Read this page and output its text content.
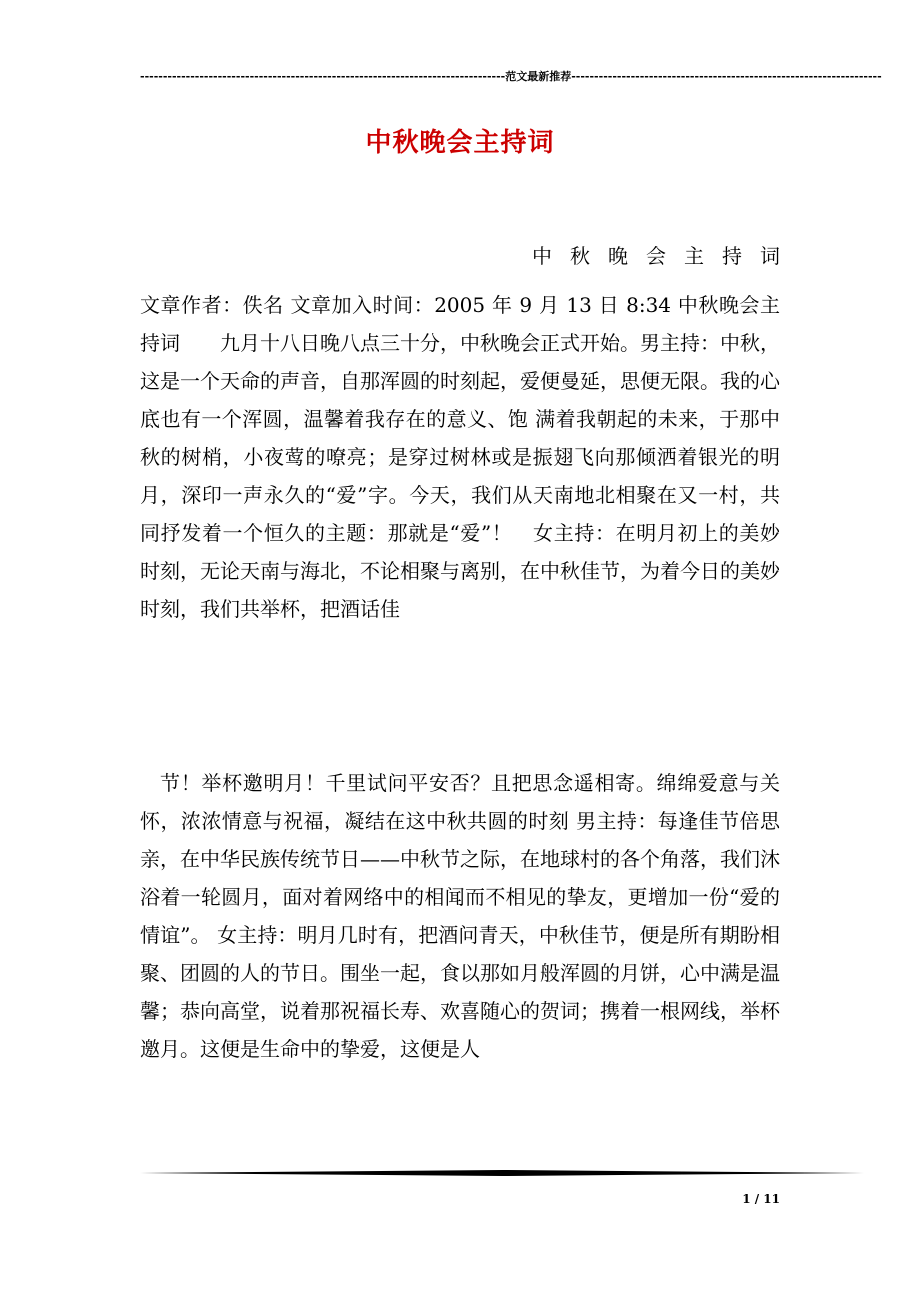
--------------------------------------------------------------------------------范文最新推荐--------------------------------------------------------------------
中秋晚会主持词
中秋晚会主持词

文章作者：佚名 文章加入时间：2005 年 9 月 13 日 8:34 中秋晚会主持词　　九月十八日晚八点三十分，中秋晚会正式开始。男主持：中秋，这是一个天命的声音，自那浑圆的时刻起，爱便曼延，思便无限。我的心 底也有一个浑圆，温馨着我存在的意义、饱 满着我朝起的未来，于那中秋的树梢，小夜莺的嘹亮；是穿过树林或是振翅飞向那倾洒着银光的明月，深印一声永久的“爱”字。今天，我们从天南地北相聚在又一村，共同抒发着一个恒久的主题：那就是“爱”！　女主持：在明月初上的美妙时刻，无论天南与海北，不论相聚与离别，在中秋佳节，为着今日的美妙时刻，我们共举杯，把酒话佳

节！举杯邀明月！千里试问平安否？且把思念遥相寄。绵绵爱意与关怀，浓浓情意与祝福，凝结在这中秋共圆的时刻 男主持：每逢佳节倍思亲，在中华民族传统节日——中秋节之际，在地球村的各个角落，我们沐浴着一轮圆月，面对着网络中的相闻而不相见的挚友，更增加一份“爱的情谊”。 女主持：明月几时有，把酒问青天，中秋佳节，便是所有期盼相聚、团圆的人的节日。围坐一起，食以那如月般浑圆的月饼，心中满是温馨；恭向高堂，说着那祝福长寿、欢喜随心的贺词；携着一根网线，举杯邀月。这便是生命中的挚爱，这便是人

1 / 11
